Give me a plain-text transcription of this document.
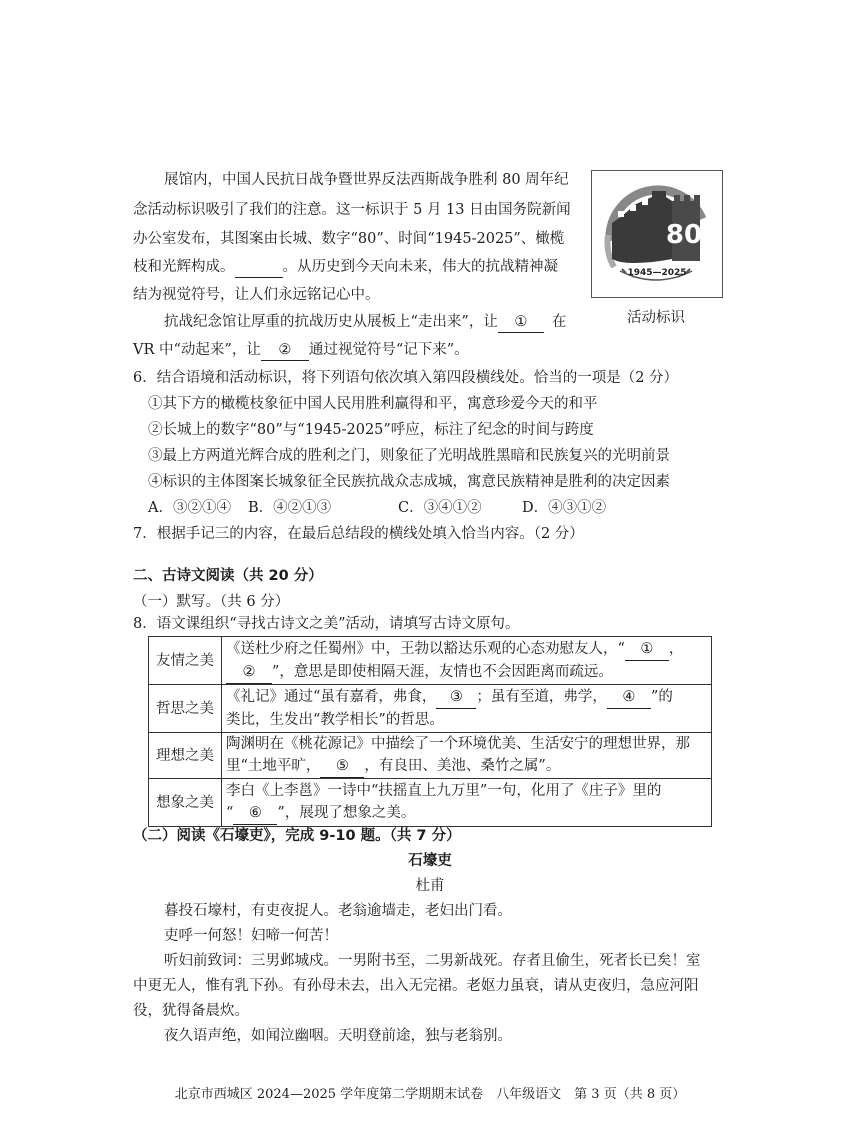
展馆内，中国人民抗日战争暨世界反法西斯战争胜利 80 周年纪
念活动标识吸引了我们的注意。这一标识于 5 月 13 日由国务院新闻
办公室发布，其图案由长城、数字“80”、时间“1945-2025”、橄榄
枝和光辉构成。	。从历史到今天向未来，伟大的抗战精神凝
结为视觉符号，让人们永远铭记心中。
抗战纪念馆让厚重的抗战历史从展板上“走出来”，让 ① 在
VR 中“动起来”，让 ② 通过视觉符号“记下来”。
80
1945—2025
活动标识
6．结合语境和活动标识，将下列语句依次填入第四段横线处。恰当的一项是（2 分）
①其下方的橄榄枝象征中国人民用胜利赢得和平，寓意珍爱今天的和平
②长城上的数字“80”与“1945-2025”呼应，标注了纪念的时间与跨度
③最上方两道光辉合成的胜利之门，则象征了光明战胜黑暗和民族复兴的光明前景
④标识的主体图案长城象征全民族抗战众志成城，寓意民族精神是胜利的决定因素
A．③②①④ B．④②①③	C．③④①②	D．④③①②
7．根据手记三的内容，在最后总结段的横线处填入恰当内容。（2 分）
二、古诗文阅读（共 20 分）
（一）默写。（共 6 分）
8．语文课组织“寻找古诗文之美”活动，请填写古诗文原句。
友情之美	《送杜少府之任蜀州》中，王勃以豁达乐观的心态劝慰友人，“ ① ，
② ”，意思是即使相隔天涯，友情也不会因距离而疏远。

哲思之美	《礼记》通过“虽有嘉肴，弗食， ③ ；虽有至道，弗学， ④ ”的
类比，生发出“教学相长”的哲思。

理想之美	陶渊明在《桃花源记》中描绘了一个环境优美、生活安宁的理想世界，那
里“土地平旷， ⑤ ，有良田、美池、桑竹之属”。

想象之美	李白《上李邕》一诗中“扶摇直上九万里”一句，化用了《庄子》里的
“ ⑥ ”，展现了想象之美。
（二）阅读《石壕吏》，完成 9-10 题。（共 7 分）
石壕吏
杜甫
暮投石壕村，有吏夜捉人。老翁逾墙走，老妇出门看。
吏呼一何怒！妇啼一何苦！
听妇前致词：三男邺城戍。一男附书至，二男新战死。存者且偷生，死者长已矣！室
中更无人，惟有乳下孙。有孙母未去，出入无完裙。老妪力虽衰，请从吏夜归，急应河阳
役，犹得备晨炊。
夜久语声绝，如闻泣幽咽。天明登前途，独与老翁别。
北京市西城区 2024—2025 学年度第二学期期末试卷　八年级语文　第 3 页（共 8 页）
